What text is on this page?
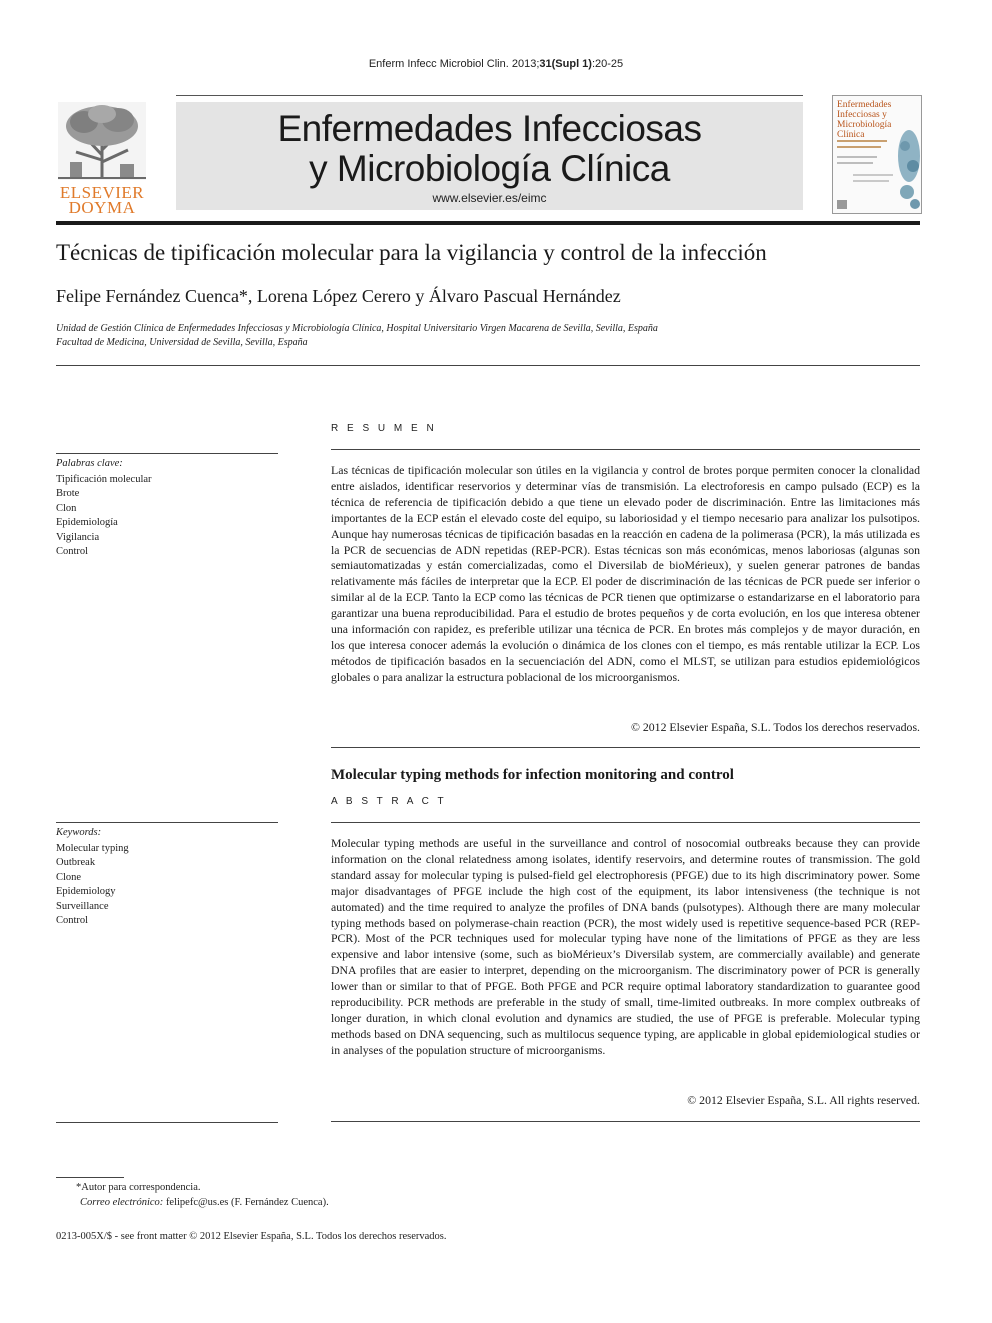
Enferm Infecc Microbiol Clin. 2013;31(Supl 1):20-25
ELSEVIER
DOYMA
Enfermedades Infecciosas
y Microbiología Clínica
www.elsevier.es/eimc
Enfermedades Infecciosas y Microbiología Clínica
Técnicas de tipificación molecular para la vigilancia y control de la infección
Felipe Fernández Cuenca*, Lorena López Cerero y Álvaro Pascual Hernández
Unidad de Gestión Clínica de Enfermedades Infecciosas y Microbiología Clínica, Hospital Universitario Virgen Macarena de Sevilla, Sevilla, España
Facultad de Medicina, Universidad de Sevilla, Sevilla, España
R E S U M E N
Palabras clave:
Tipificación molecular
Brote
Clon
Epidemiología
Vigilancia
Control
Las técnicas de tipificación molecular son útiles en la vigilancia y control de brotes porque permiten conocer la clonalidad entre aislados, identificar reservorios y determinar vías de transmisión. La electroforesis en campo pulsado (ECP) es la técnica de referencia de tipificación debido a que tiene un elevado poder de discriminación. Entre las limitaciones más importantes de la ECP están el elevado coste del equipo, su laboriosidad y el tiempo necesario para analizar los pulsotipos. Aunque hay numerosas técnicas de tipificación basadas en la reacción en cadena de la polimerasa (PCR), la más utilizada es la PCR de secuencias de ADN repetidas (REP-PCR). Estas técnicas son más económicas, menos laboriosas (algunas son semiautomatizadas y están comercializadas, como el Diversilab de bioMérieux), y suelen generar patrones de bandas relativamente más fáciles de interpretar que la ECP. El poder de discriminación de las técnicas de PCR puede ser inferior o similar al de la ECP. Tanto la ECP como las técnicas de PCR tienen que optimizarse o estandarizarse en el laboratorio para garantizar una buena reproducibilidad. Para el estudio de brotes pequeños y de corta evolución, en los que interesa obtener una información con rapidez, es preferible utilizar una técnica de PCR. En brotes más complejos y de mayor duración, en los que interesa conocer además la evolución o dinámica de los clones con el tiempo, es más rentable utilizar la ECP. Los métodos de tipificación basados en la secuenciación del ADN, como el MLST, se utilizan para estudios epidemiológicos globales o para analizar la estructura poblacional de los microorganismos.
© 2012 Elsevier España, S.L. Todos los derechos reservados.
Molecular typing methods for infection monitoring and control
A B S T R A C T
Keywords:
Molecular typing
Outbreak
Clone
Epidemiology
Surveillance
Control
Molecular typing methods are useful in the surveillance and control of nosocomial outbreaks because they can provide information on the clonal relatedness among isolates, identify reservoirs, and determine routes of transmission. The gold standard assay for molecular typing is pulsed-field gel electrophoresis (PFGE) due to its high discriminatory power. Some major disadvantages of PFGE include the high cost of the equipment, its labor intensiveness (the technique is not automated) and the time required to analyze the profiles of DNA bands (pulsotypes). Although there are many molecular typing methods based on polymerase-chain reaction (PCR), the most widely used is repetitive sequence-based PCR (REP-PCR). Most of the PCR techniques used for molecular typing have none of the limitations of PFGE as they are less expensive and labor intensive (some, such as bioMérieux’s Diversilab system, are commercially available) and generate DNA profiles that are easier to interpret, depending on the microorganism. The discriminatory power of PCR is generally lower than or similar to that of PFGE. Both PFGE and PCR require optimal laboratory standardization to guarantee good reproducibility. PCR methods are preferable in the study of small, time-limited outbreaks. In more complex outbreaks of longer duration, in which clonal evolution and dynamics are studied, the use of PFGE is preferable. Molecular typing methods based on DNA sequencing, such as multilocus sequence typing, are applicable in global epidemiological studies or in analyses of the population structure of microorganisms.
© 2012 Elsevier España, S.L. All rights reserved.
*Autor para correspondencia.
Correo electrónico: felipefc@us.es (F. Fernández Cuenca).
0213-005X/$ - see front matter © 2012 Elsevier España, S.L. Todos los derechos reservados.
